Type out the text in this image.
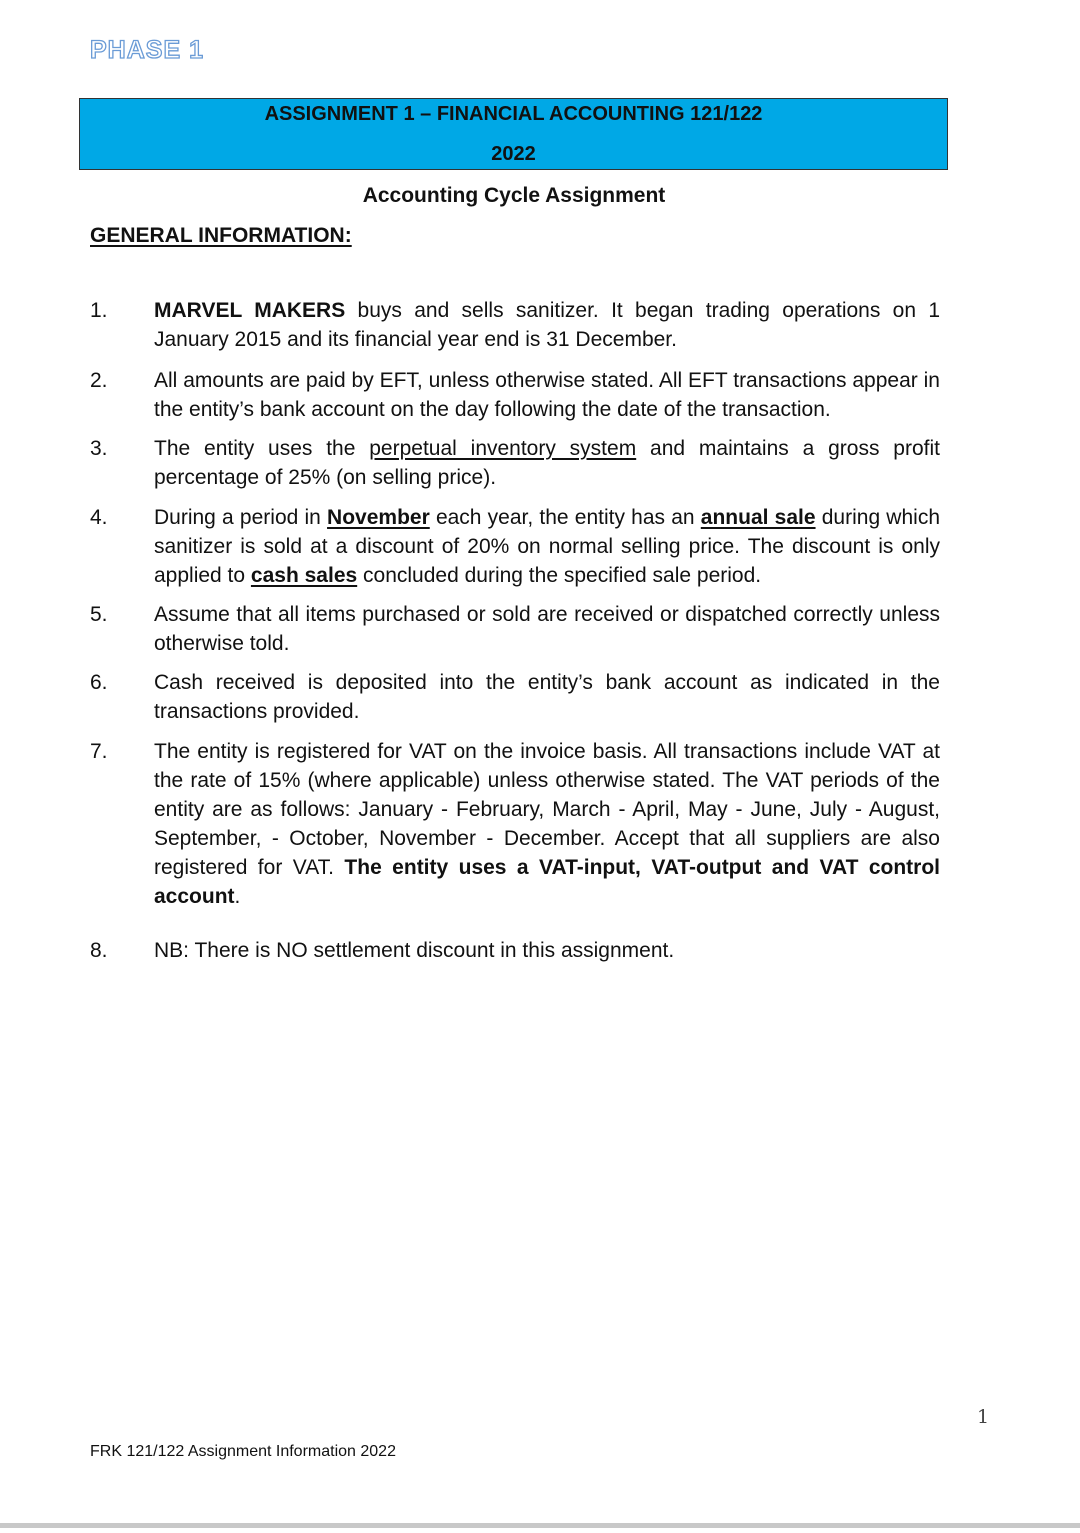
PHASE 1
ASSIGNMENT 1 – FINANCIAL ACCOUNTING 121/122
2022
Accounting Cycle Assignment
GENERAL INFORMATION:
1.	MARVEL MAKERS buys and sells sanitizer. It began trading operations on 1 January 2015 and its financial year end is 31 December.
2.	All amounts are paid by EFT, unless otherwise stated. All EFT transactions appear in the entity’s bank account on the day following the date of the transaction.
3.	The entity uses the perpetual inventory system and maintains a gross profit percentage of 25% (on selling price).
4.	During a period in November each year, the entity has an annual sale during which sanitizer is sold at a discount of 20% on normal selling price. The discount is only applied to cash sales concluded during the specified sale period.
5.	Assume that all items purchased or sold are received or dispatched correctly unless otherwise told.
6.	Cash received is deposited into the entity’s bank account as indicated in the transactions provided.
7.	The entity is registered for VAT on the invoice basis. All transactions include VAT at the rate of 15% (where applicable) unless otherwise stated. The VAT periods of the entity are as follows: January - February, March - April, May - June, July - August, September, - October, November - December. Accept that all suppliers are also registered for VAT. The entity uses a VAT-input, VAT-output and VAT control account.
8.	NB: There is NO settlement discount in this assignment.
1
FRK 121/122 Assignment Information 2022
